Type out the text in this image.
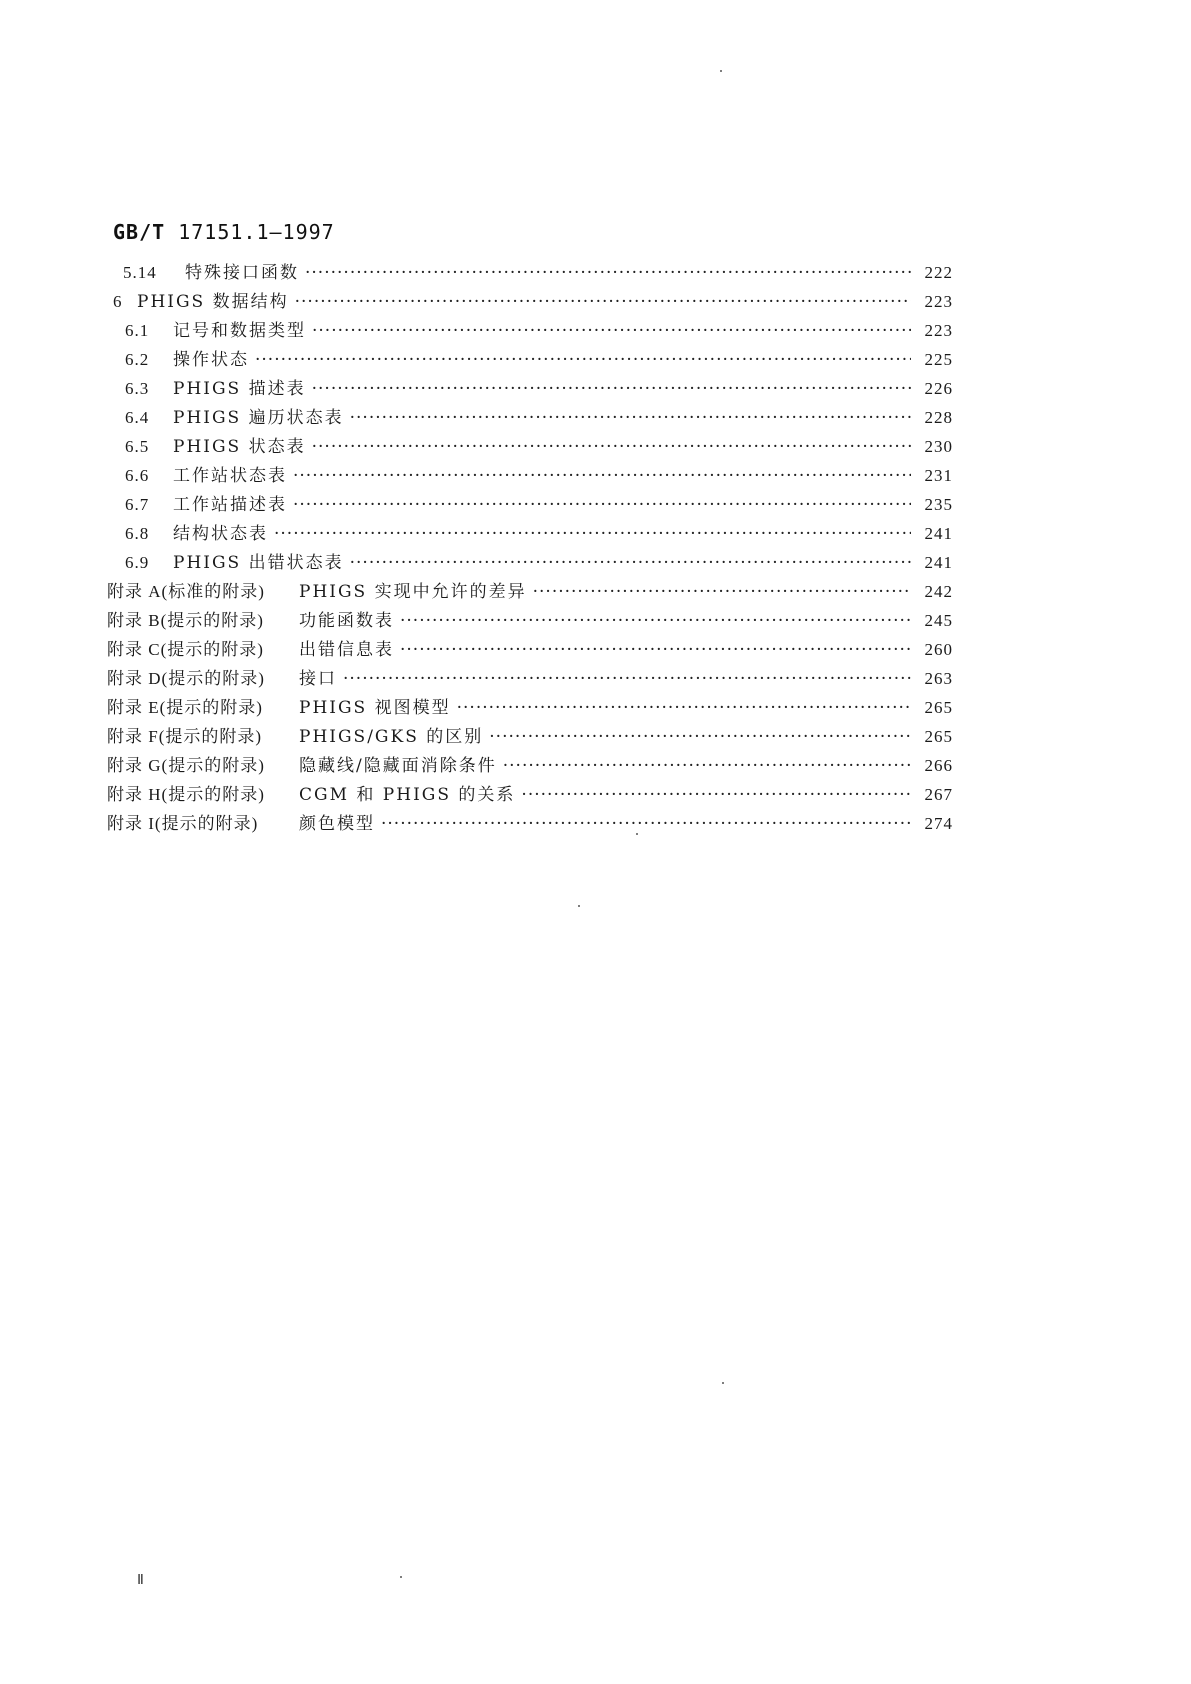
GB/T 17151.1—1997
5.14	特殊接口函数 ·····	222
6 PHIGS 数据结构 ·····	223
6.1	记号和数据类型 ·····	223
6.2	操作状态 ·····	225
6.3	PHIGS 描述表 ·····	226
6.4	PHIGS 遍历状态表 ·····	228
6.5	PHIGS 状态表 ·····	230
6.6	工作站状态表 ·····	231
6.7	工作站描述表 ·····	235
6.8	结构状态表 ·····	241
6.9	PHIGS 出错状态表 ·····	241
附录 A(标准的附录)	PHIGS 实现中允许的差异 ·····	242
附录 B(提示的附录)	功能函数表 ·····	245
附录 C(提示的附录)	出错信息表 ·····	260
附录 D(提示的附录)	接口 ·····	263
附录 E(提示的附录)	PHIGS 视图模型 ·····	265
附录 F(提示的附录)	PHIGS/GKS 的区别 ·····	265
附录 G(提示的附录)	隐藏线/隐藏面消除条件 ·····	266
附录 H(提示的附录)	CGM 和 PHIGS 的关系 ·····	267
附录 I(提示的附录)	颜色模型 ·····	274
Ⅱ
